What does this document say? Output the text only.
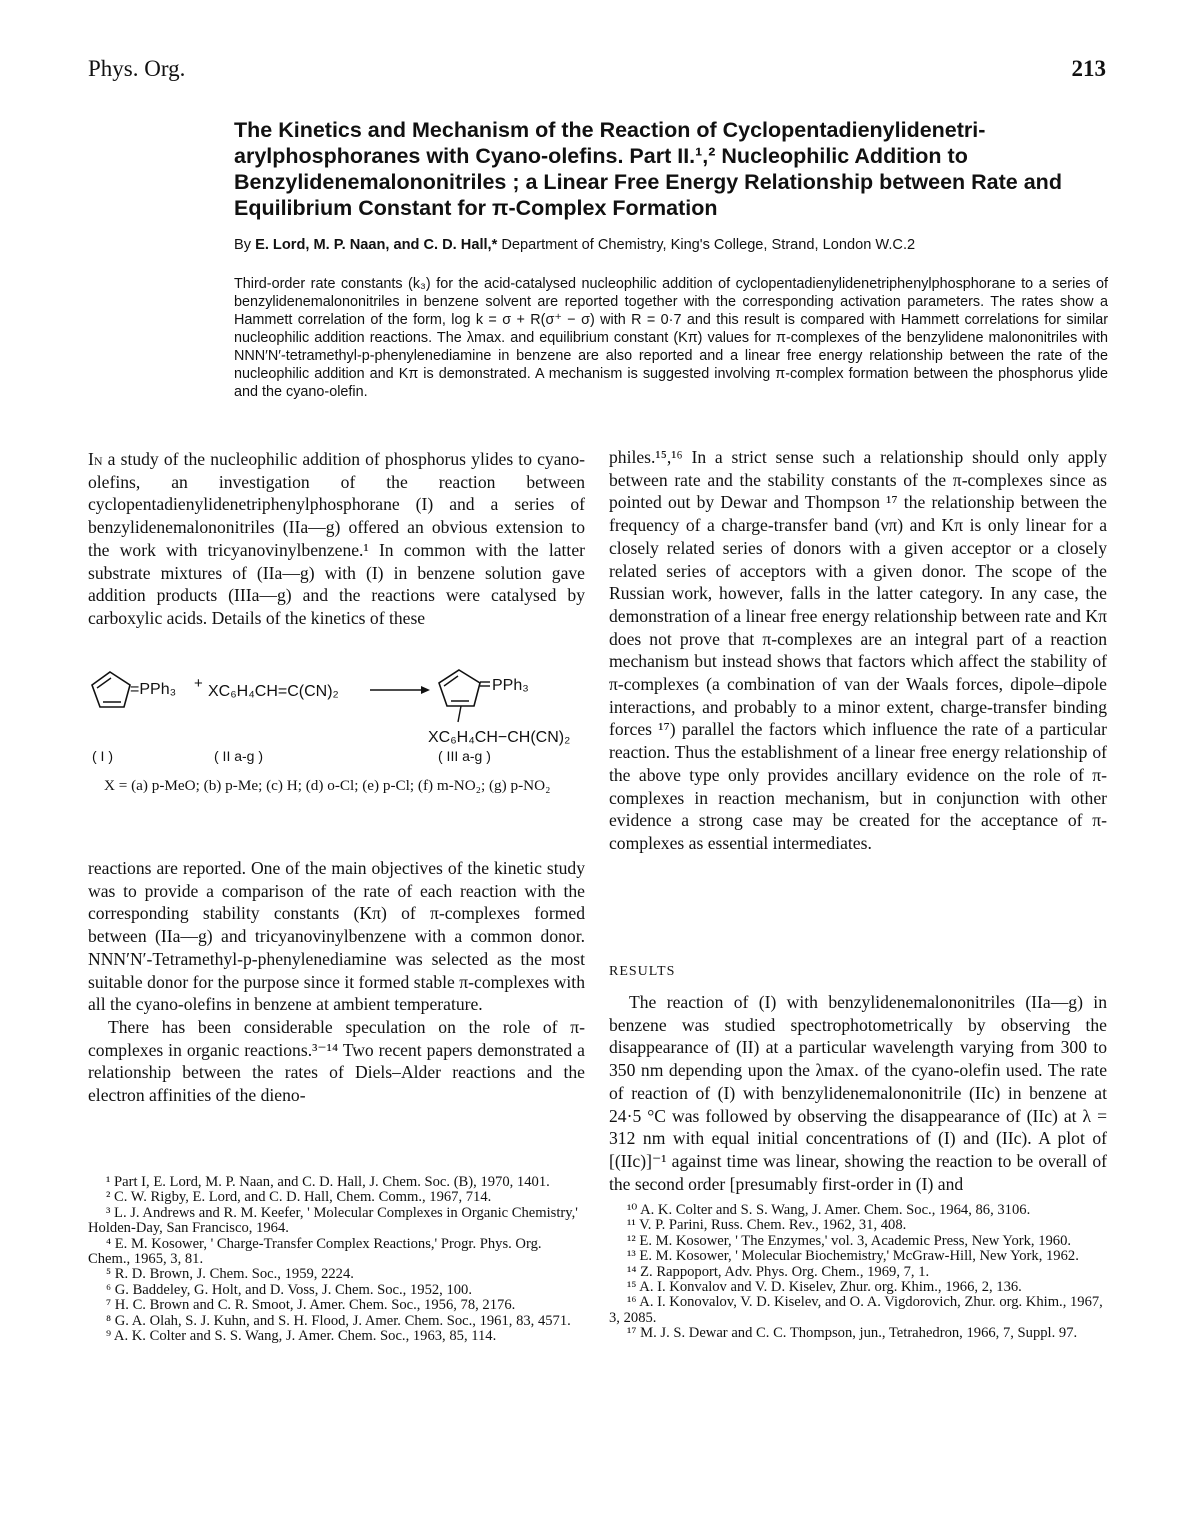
Phys. Org.	213
The Kinetics and Mechanism of the Reaction of Cyclopentadienylidenetri-arylphosphoranes with Cyano-olefins. Part II.¹,² Nucleophilic Addition to Benzylidenemalononitriles ; a Linear Free Energy Relationship between Rate and Equilibrium Constant for π-Complex Formation
By E. Lord, M. P. Naan, and C. D. Hall,* Department of Chemistry, King's College, Strand, London W.C.2
Third-order rate constants (k₃) for the acid-catalysed nucleophilic addition of cyclopentadienylidenetriphenylphosphorane to a series of benzylidenemalononitriles in benzene solvent are reported together with the corresponding activation parameters. The rates show a Hammett correlation of the form, log k = σ + R(σ⁺ − σ) with R = 0·7 and this result is compared with Hammett correlations for similar nucleophilic addition reactions. The λmax. and equilibrium constant (Kπ) values for π-complexes of the benzylidene malononitriles with NNN′N′-tetramethyl-p-phenylenediamine in benzene are also reported and a linear free energy relationship between the rate of the nucleophilic addition and Kπ is demonstrated. A mechanism is suggested involving π-complex formation between the phosphorus ylide and the cyano-olefin.

In a study of the nucleophilic addition of phosphorus ylides to cyano-olefins, an investigation of the reaction between cyclopentadienylidenetriphenylphosphorane (I) and a series of benzylidenemalononitriles (IIa—g) offered an obvious extension to the work with tricyanovinylbenzene.¹ In common with the latter substrate mixtures of (IIa—g) with (I) in benzene solution gave addition products (IIIa—g) and the reactions were catalysed by carboxylic acids. Details of the kinetics of these

=PPh₃ + XC₆H₄CH=C(CN)₂	PPh₃
XC₆H₄CH−CH(CN)₂
( I )	( II a-g )	( III a-g )
X = (a) p-MeO; (b) p-Me; (c) H; (d) o-Cl; (e) p-Cl; (f) m-NO₂; (g) p-NO₂

reactions are reported. One of the main objectives of the kinetic study was to provide a comparison of the rate of each reaction with the corresponding stability constants (Kπ) of π-complexes formed between (IIa—g) and tricyanovinylbenzene with a common donor. NNN′N′-Tetramethyl-p-phenylenediamine was selected as the most suitable donor for the purpose since it formed stable π-complexes with all the cyano-olefins in benzene at ambient temperature.

There has been considerable speculation on the role of π-complexes in organic reactions.³⁻¹⁴ Two recent papers demonstrated a relationship between the rates of Diels–Alder reactions and the electron affinities of the dieno-

philes.¹⁵,¹⁶ In a strict sense such a relationship should only apply between rate and the stability constants of the π-complexes since as pointed out by Dewar and Thompson ¹⁷ the relationship between the frequency of a charge-transfer band (νπ) and Kπ is only linear for a closely related series of donors with a given acceptor or a closely related series of acceptors with a given donor. The scope of the Russian work, however, falls in the latter category. In any case, the demonstration of a linear free energy relationship between rate and Kπ does not prove that π-complexes are an integral part of a reaction mechanism but instead shows that factors which affect the stability of π-complexes (a combination of van der Waals forces, dipole–dipole interactions, and probably to a minor extent, charge-transfer binding forces ¹⁷) parallel the factors which influence the rate of a particular reaction. Thus the establishment of a linear free energy relationship of the above type only provides ancillary evidence on the role of π-complexes in reaction mechanism, but in conjunction with other evidence a strong case may be created for the acceptance of π-complexes as essential intermediates.

RESULTS

The reaction of (I) with benzylidenemalononitriles (IIa—g) in benzene was studied spectrophotometrically by observing the disappearance of (II) at a particular wavelength varying from 300 to 350 nm depending upon the λmax. of the cyano-olefin used. The rate of reaction of (I) with benzylidenemalononitrile (IIc) in benzene at 24·5 °C was followed by observing the disappearance of (IIc) at λ = 312 nm with equal initial concentrations of (I) and (IIc). A plot of [(IIc)]⁻¹ against time was linear, showing the reaction to be overall of the second order [presumably first-order in (I) and

¹ Part I, E. Lord, M. P. Naan, and C. D. Hall, J. Chem. Soc. (B), 1970, 1401.
² C. W. Rigby, E. Lord, and C. D. Hall, Chem. Comm., 1967, 714.
³ L. J. Andrews and R. M. Keefer, ' Molecular Complexes in Organic Chemistry,' Holden-Day, San Francisco, 1964.
⁴ E. M. Kosower, ' Charge-Transfer Complex Reactions,' Progr. Phys. Org. Chem., 1965, 3, 81.
⁵ R. D. Brown, J. Chem. Soc., 1959, 2224.
⁶ G. Baddeley, G. Holt, and D. Voss, J. Chem. Soc., 1952, 100.
⁷ H. C. Brown and C. R. Smoot, J. Amer. Chem. Soc., 1956, 78, 2176.
⁸ G. A. Olah, S. J. Kuhn, and S. H. Flood, J. Amer. Chem. Soc., 1961, 83, 4571.
⁹ A. K. Colter and S. S. Wang, J. Amer. Chem. Soc., 1963, 85, 114.
¹⁰ A. K. Colter and S. S. Wang, J. Amer. Chem. Soc., 1964, 86, 3106.
¹¹ V. P. Parini, Russ. Chem. Rev., 1962, 31, 408.
¹² E. M. Kosower, ' The Enzymes,' vol. 3, Academic Press, New York, 1960.
¹³ E. M. Kosower, ' Molecular Biochemistry,' McGraw-Hill, New York, 1962.
¹⁴ Z. Rappoport, Adv. Phys. Org. Chem., 1969, 7, 1.
¹⁵ A. I. Konvalov and V. D. Kiselev, Zhur. org. Khim., 1966, 2, 136.
¹⁶ A. I. Konovalov, V. D. Kiselev, and O. A. Vigdorovich, Zhur. org. Khim., 1967, 3, 2085.
¹⁷ M. J. S. Dewar and C. C. Thompson, jun., Tetrahedron, 1966, 7, Suppl. 97.
